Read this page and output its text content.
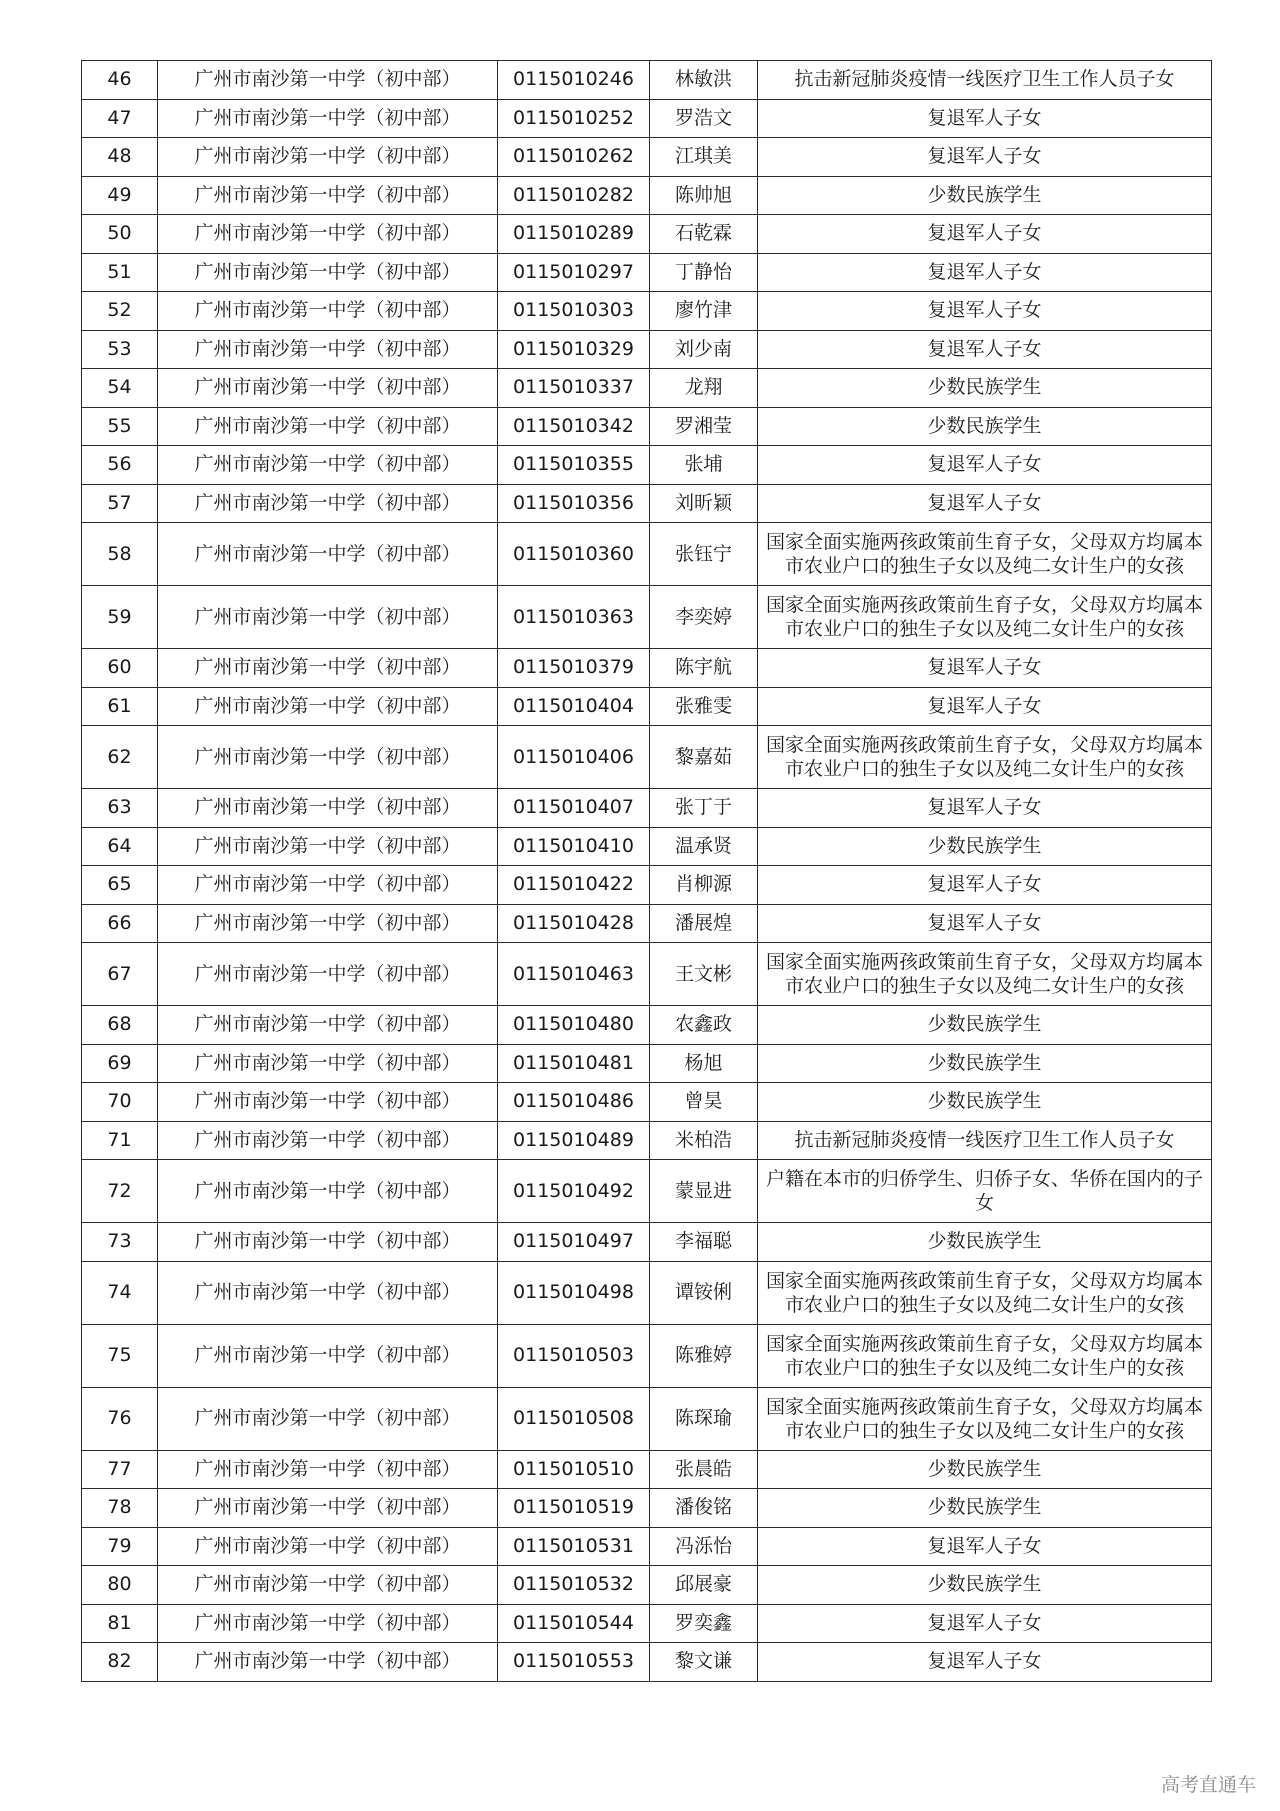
46	广州市南沙第一中学（初中部）	0115010246	林敏洪	抗击新冠肺炎疫情一线医疗卫生工作人员子女
47	广州市南沙第一中学（初中部）	0115010252	罗浩文	复退军人子女
48	广州市南沙第一中学（初中部）	0115010262	江琪美	复退军人子女
49	广州市南沙第一中学（初中部）	0115010282	陈帅旭	少数民族学生
50	广州市南沙第一中学（初中部）	0115010289	石乾霖	复退军人子女
51	广州市南沙第一中学（初中部）	0115010297	丁静怡	复退军人子女
52	广州市南沙第一中学（初中部）	0115010303	廖竹津	复退军人子女
53	广州市南沙第一中学（初中部）	0115010329	刘少南	复退军人子女
54	广州市南沙第一中学（初中部）	0115010337	龙翔	少数民族学生
55	广州市南沙第一中学（初中部）	0115010342	罗湘莹	少数民族学生
56	广州市南沙第一中学（初中部）	0115010355	张埔	复退军人子女
57	广州市南沙第一中学（初中部）	0115010356	刘昕颖	复退军人子女
58	广州市南沙第一中学（初中部）	0115010360	张钰宁	国家全面实施两孩政策前生育子女，父母双方均属本市农业户口的独生子女以及纯二女计生户的女孩
59	广州市南沙第一中学（初中部）	0115010363	李奕婷	国家全面实施两孩政策前生育子女，父母双方均属本市农业户口的独生子女以及纯二女计生户的女孩
60	广州市南沙第一中学（初中部）	0115010379	陈宇航	复退军人子女
61	广州市南沙第一中学（初中部）	0115010404	张雅雯	复退军人子女
62	广州市南沙第一中学（初中部）	0115010406	黎嘉茹	国家全面实施两孩政策前生育子女，父母双方均属本市农业户口的独生子女以及纯二女计生户的女孩
63	广州市南沙第一中学（初中部）	0115010407	张丁于	复退军人子女
64	广州市南沙第一中学（初中部）	0115010410	温承贤	少数民族学生
65	广州市南沙第一中学（初中部）	0115010422	肖柳源	复退军人子女
66	广州市南沙第一中学（初中部）	0115010428	潘展煌	复退军人子女
67	广州市南沙第一中学（初中部）	0115010463	王文彬	国家全面实施两孩政策前生育子女，父母双方均属本市农业户口的独生子女以及纯二女计生户的女孩
68	广州市南沙第一中学（初中部）	0115010480	农鑫政	少数民族学生
69	广州市南沙第一中学（初中部）	0115010481	杨旭	少数民族学生
70	广州市南沙第一中学（初中部）	0115010486	曾昊	少数民族学生
71	广州市南沙第一中学（初中部）	0115010489	米柏浩	抗击新冠肺炎疫情一线医疗卫生工作人员子女
72	广州市南沙第一中学（初中部）	0115010492	蒙显进	户籍在本市的归侨学生、归侨子女、华侨在国内的子女
73	广州市南沙第一中学（初中部）	0115010497	李福聪	少数民族学生
74	广州市南沙第一中学（初中部）	0115010498	谭铵俐	国家全面实施两孩政策前生育子女，父母双方均属本市农业户口的独生子女以及纯二女计生户的女孩
75	广州市南沙第一中学（初中部）	0115010503	陈雅婷	国家全面实施两孩政策前生育子女，父母双方均属本市农业户口的独生子女以及纯二女计生户的女孩
76	广州市南沙第一中学（初中部）	0115010508	陈琛瑜	国家全面实施两孩政策前生育子女，父母双方均属本市农业户口的独生子女以及纯二女计生户的女孩
77	广州市南沙第一中学（初中部）	0115010510	张晨皓	少数民族学生
78	广州市南沙第一中学（初中部）	0115010519	潘俊铭	少数民族学生
79	广州市南沙第一中学（初中部）	0115010531	冯泺怡	复退军人子女
80	广州市南沙第一中学（初中部）	0115010532	邱展豪	少数民族学生
81	广州市南沙第一中学（初中部）	0115010544	罗奕鑫	复退军人子女
82	广州市南沙第一中学（初中部）	0115010553	黎文谦	复退军人子女
高考直通车
